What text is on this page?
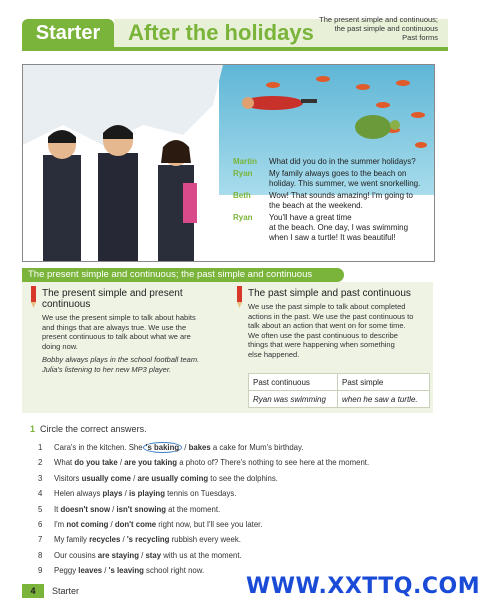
Starter	After the holidays
The present simple and continuous;
the past simple and continuous
Past forms
Martin What did you do in the summer holidays?
Ryan My family always goes to the beach on
holiday. This summer, we went snorkelling.
Beth Wow! That sounds amazing! I'm going to
the beach at the weekend.
Ryan You'll have a great time
at the beach. One day, I was swimming
when I saw a turtle! It was beautiful!
The present simple and continuous; the past simple and continuous
The present simple and present
continuous
We use the present simple to talk about habits
and things that are always true. We use the
present continuous to talk about what we are
doing now.
Bobby always plays in the school football team.
Julia's listening to her new MP3 player.
The past simple and past continuous
We use the past simple to talk about completed
actions in the past. We use the past continuous to
talk about an action that went on for some time.
We often use the past continuous to describe
things that were happening when something
else happened.
Past continuous	Past simple
Ryan was swimming	when he saw a turtle.
1 Circle the correct answers.
1 Cara's in the kitchen. She 's baking / bakes a cake for Mum's birthday.
2 What do you take / are you taking a photo of? There's nothing to see here at the moment.
3 Visitors usually come / are usually coming to see the dolphins.
4 Helen always plays / is playing tennis on Tuesdays.
5 It doesn't snow / isn't snowing at the moment.
6 I'm not coming / don't come right now, but I'll see you later.
7 My family recycles / 's recycling rubbish every week.
8 Our cousins are staying / stay with us at the moment.
9 Peggy leaves / 's leaving school right now.
4	Starter	WWW.XXTTQ.COM
